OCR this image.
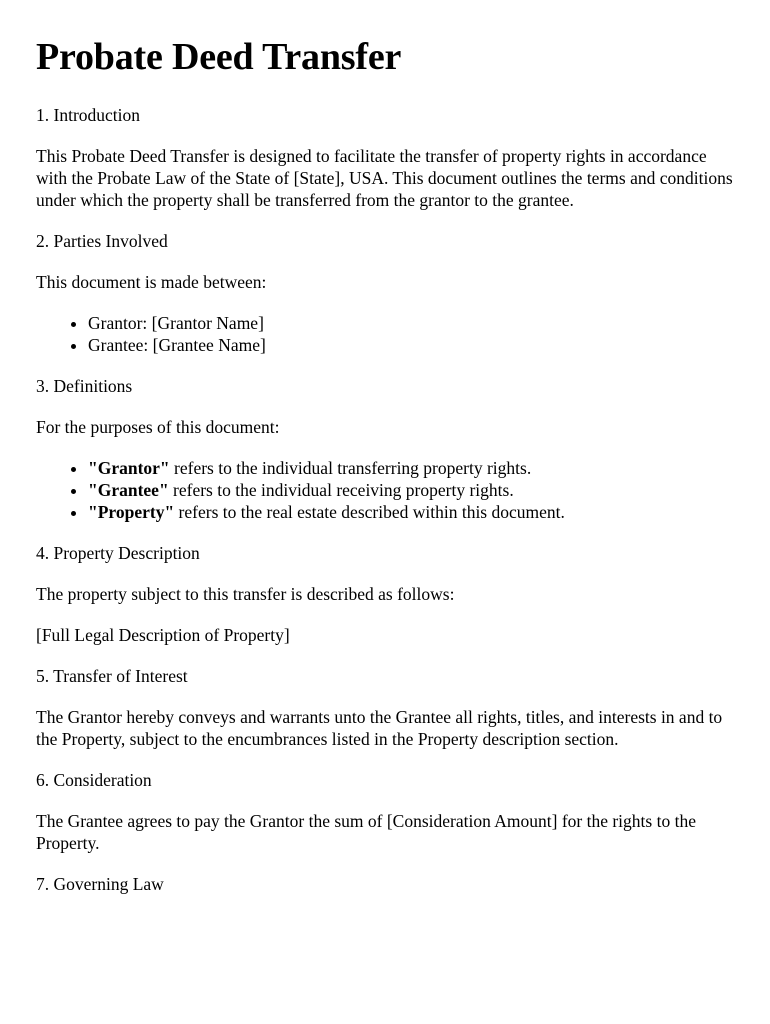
Probate Deed Transfer

1. Introduction

This Probate Deed Transfer is designed to facilitate the transfer of property rights in accordance with the Probate Law of the State of [State], USA. This document outlines the terms and conditions under which the property shall be transferred from the grantor to the grantee.

2. Parties Involved

This document is made between:

• Grantor: [Grantor Name]
• Grantee: [Grantee Name]

3. Definitions

For the purposes of this document:

• "Grantor" refers to the individual transferring property rights.
• "Grantee" refers to the individual receiving property rights.
• "Property" refers to the real estate described within this document.

4. Property Description

The property subject to this transfer is described as follows:

[Full Legal Description of Property]

5. Transfer of Interest

The Grantor hereby conveys and warrants unto the Grantee all rights, titles, and interests in and to the Property, subject to the encumbrances listed in the Property description section.

6. Consideration

The Grantee agrees to pay the Grantor the sum of [Consideration Amount] for the rights to the Property.

7. Governing Law
